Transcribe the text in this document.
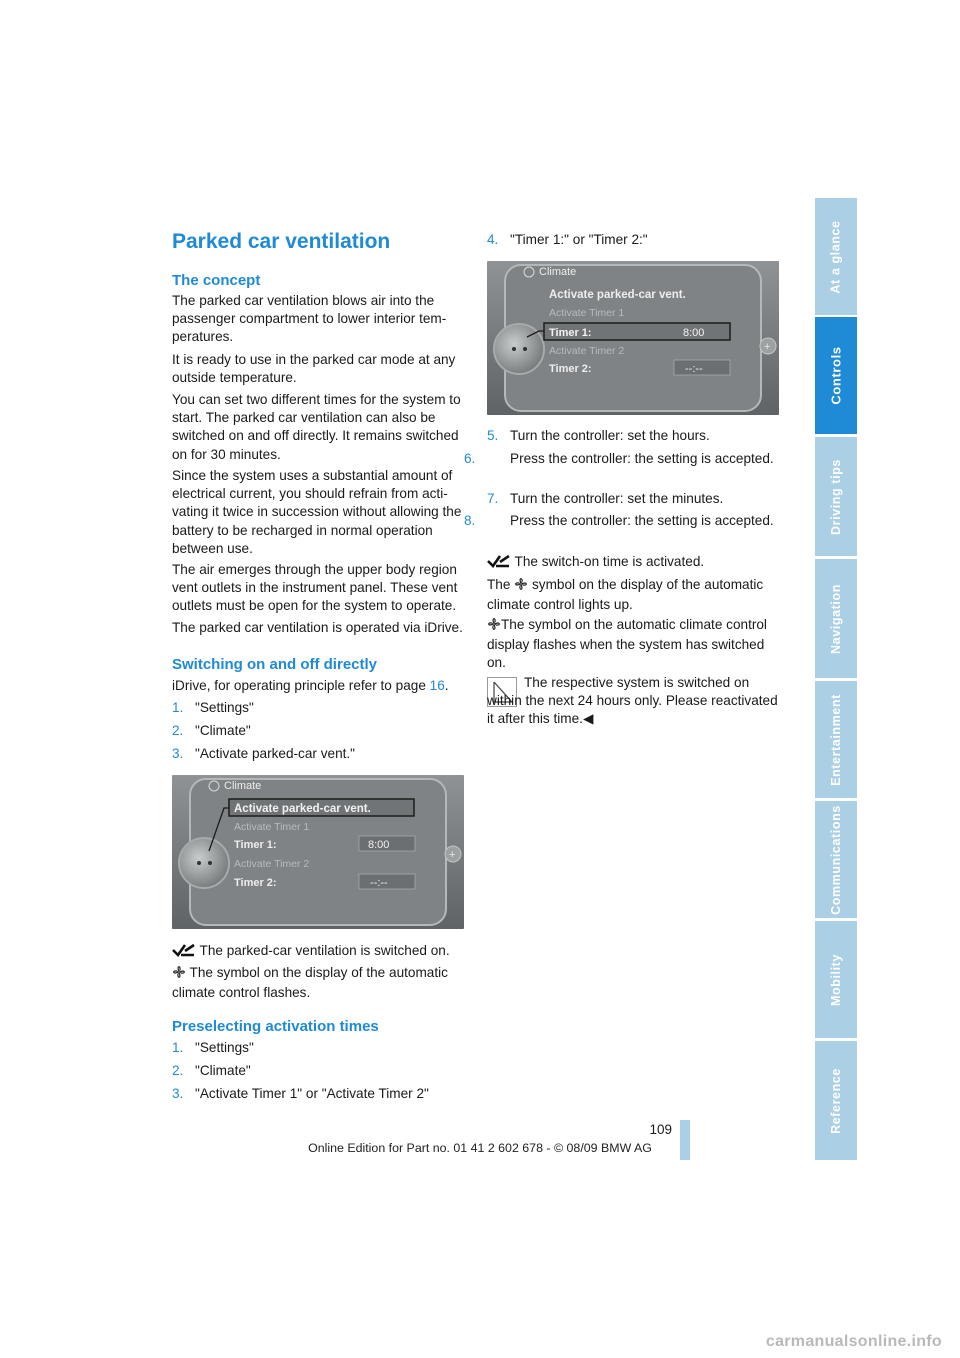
Parked car ventilation
The concept

The parked car ventilation blows air into the passenger compartment to lower interior tem-peratures.

It is ready to use in the parked car mode at any outside temperature.

You can set two different times for the system to start. The parked car ventilation can also be switched on and off directly. It remains switched on for 30 minutes.

Since the system uses a substantial amount of electrical current, you should refrain from acti-vating it twice in succession without allowing the battery to be recharged in normal operation between use.

The air emerges through the upper body region vent outlets in the instrument panel. These vent outlets must be open for the system to operate.

The parked car ventilation is operated via iDrive.

Switching on and off directly

iDrive, for operating principle refer to page 16.

1. "Settings"

2. "Climate"

3. "Activate parked-car vent."

+
Climate
Activate parked-car vent.
Activate Timer 1
Timer 1:	8:00
Activate Timer 2
Timer 2:	--:--

The parked-car ventilation is switched on.

The symbol on the display of the automatic climate control flashes.

Preselecting activation times

1. "Settings"

2. "Climate"

3. "Activate Timer 1" or "Activate Timer 2"

4. "Timer 1:" or "Timer 2:"

+
Climate
Activate parked-car vent.
Activate Timer 1
Timer 1:	8:00
Activate Timer 2
Timer 2:	--:--

5. Turn the controller: set the hours.

6.	Press the controller: the setting is accepted.

7. Turn the controller: set the minutes.

8.	Press the controller: the setting is accepted.

The switch-on time is activated.

The  symbol on the display of the automatic climate control lights up.

The symbol on the automatic climate control display flashes when the system has switched on.

The respective system is switched on within the next 24 hours only. Please reactivated it after this time.◀

At a glance
Controls
Driving tips
Navigation
Entertainment
Communications
Mobility
Reference

109

Online Edition for Part no. 01 41 2 602 678 - © 08/09 BMW AG

carmanualsonline.info
